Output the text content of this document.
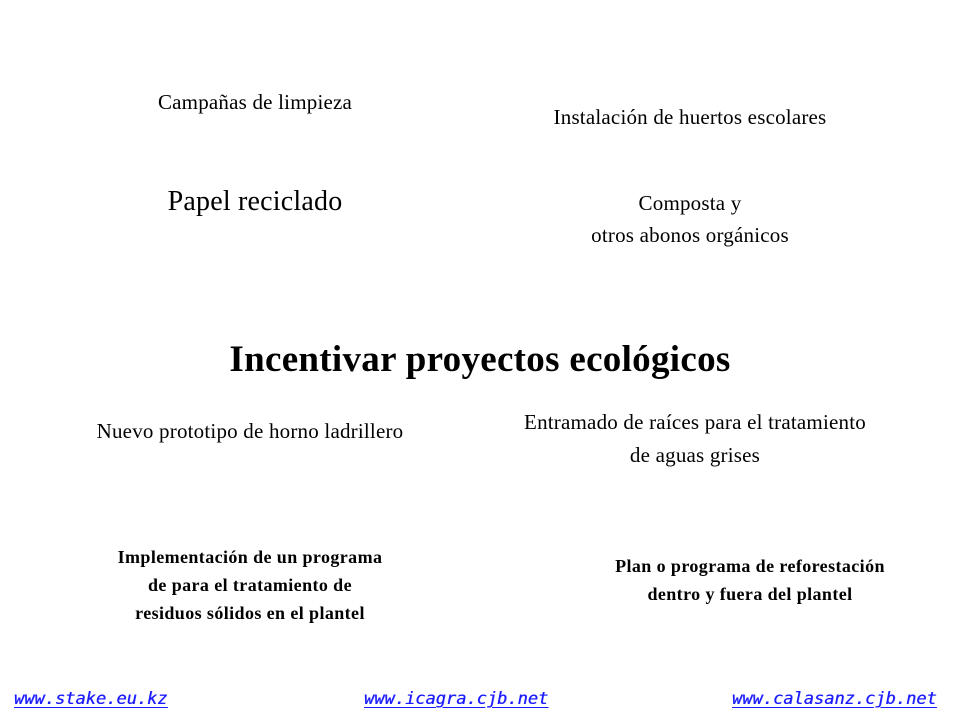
Campañas de limpieza
Instalación de huertos escolares
Papel reciclado	Composta y
otros abonos orgánicos
Incentivar proyectos ecológicos
Nuevo prototipo de horno ladrillero	Entramado de raíces para el tratamiento
de aguas grises
Implementación de un programa
de para el tratamiento de
residuos sólidos en el plantel
Plan o programa de reforestación
dentro y fuera del plantel
www.stake.eu.kz	www.icagra.cjb.net	www.calasanz.cjb.net
